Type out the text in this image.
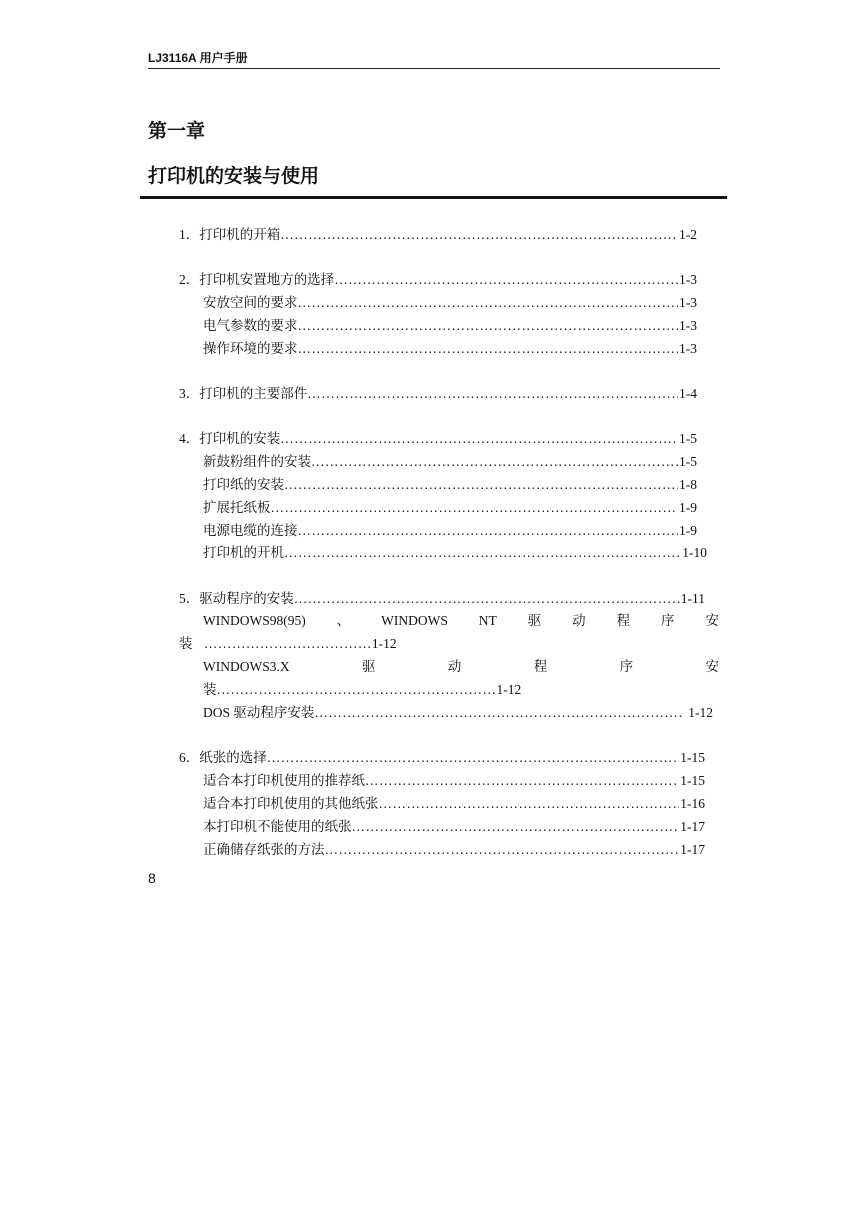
LJ3116A 用户手册
第一章
打印机的安装与使用
1． 打印机的开箱 …………………………………………………………………………………………………………………………………………………………………………	1-2
2． 打印机安置地方的选择 …………………………………………………………………………………………………………………………………………………………………………	1-3
安放空间的要求 …………………………………………………………………………………………………………………………………………………………………………	1-3
电气参数的要求 …………………………………………………………………………………………………………………………………………………………………………	1-3
操作环境的要求 …………………………………………………………………………………………………………………………………………………………………………	1-3
3． 打印机的主要部件 …………………………………………………………………………………………………………………………………………………………………………	1-4
4． 打印机的安装 …………………………………………………………………………………………………………………………………………………………………………	1-5
新鼓粉组件的安装 …………………………………………………………………………………………………………………………………………………………………………	1-5
打印纸的安装 …………………………………………………………………………………………………………………………………………………………………………	1-8
扩展托纸板 …………………………………………………………………………………………………………………………………………………………………………	1-9
电源电缆的连接 …………………………………………………………………………………………………………………………………………………………………………	1-9
打印机的开机 …………………………………………………………………………………………………………………………………………………………………………	1-10
5． 驱动程序的安装 …………………………………………………………………………………………………………………………………………………………………………	1-11
WINDOWS98(95) 、 WINDOWS NT 驱 动 程 序 安
装 ………………………………1-12
WINDOWS3.X	驱	动	程	序	安
装……………………………………………………1-12
DOS 驱动程序安装 …………………………………………………………………………………………………………………………………………………………………………	1-12
6． 纸张的选择 …………………………………………………………………………………………………………………………………………………………………………	1-15
适合本打印机使用的推荐纸 …………………………………………………………………………………………………………………………………………………………………………	1-15
适合本打印机使用的其他纸张 …………………………………………………………………………………………………………………………………………………………………………	1-16
本打印机不能使用的纸张 …………………………………………………………………………………………………………………………………………………………………………	1-17
正确储存纸张的方法 …………………………………………………………………………………………………………………………………………………………………………	1-17
8
